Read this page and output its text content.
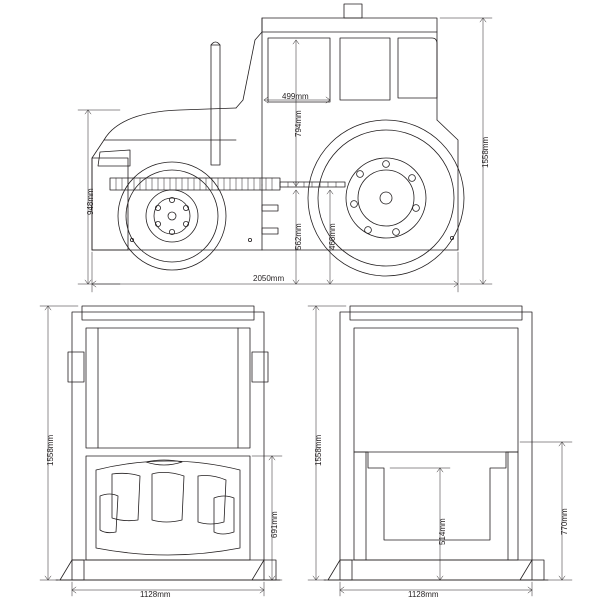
1558mm
948mm
499mm
794mm
562mm	466mm
2050mm
1558mm
691mm
1128mm
1558mm
514mm	770mm
1128mm
